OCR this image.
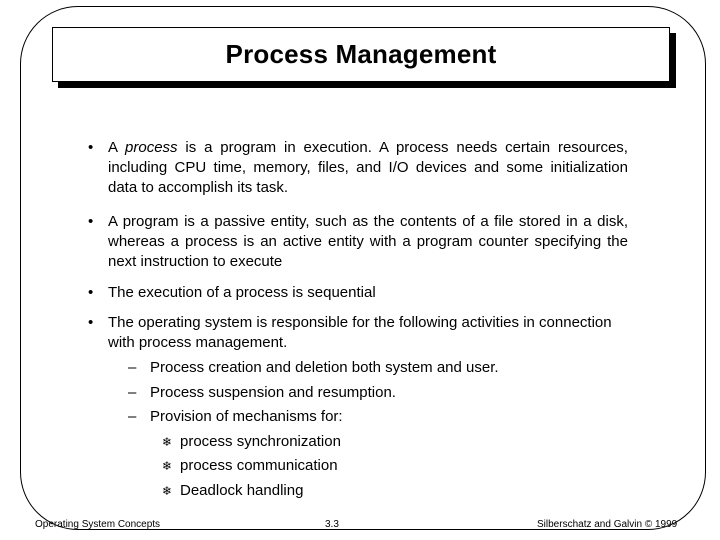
Process Management

• A process is a program in execution. A process needs certain resources, including CPU time, memory, files, and I/O devices and some initialization data to accomplish its task.

• A program is a passive entity, such as the contents of a file stored in a disk, whereas a process is an active entity with a program counter specifying the next instruction to execute

• The execution of a process is sequential

• The operating system is responsible for the following activities in connection with process management.

– Process creation and deletion both system and user.
– Process suspension and resumption.
– Provision of mechanisms for:
❄ process synchronization
❄ process communication
❄ Deadlock handling
Operating System Concepts	3.3	Silberschatz and Galvin © 1999
